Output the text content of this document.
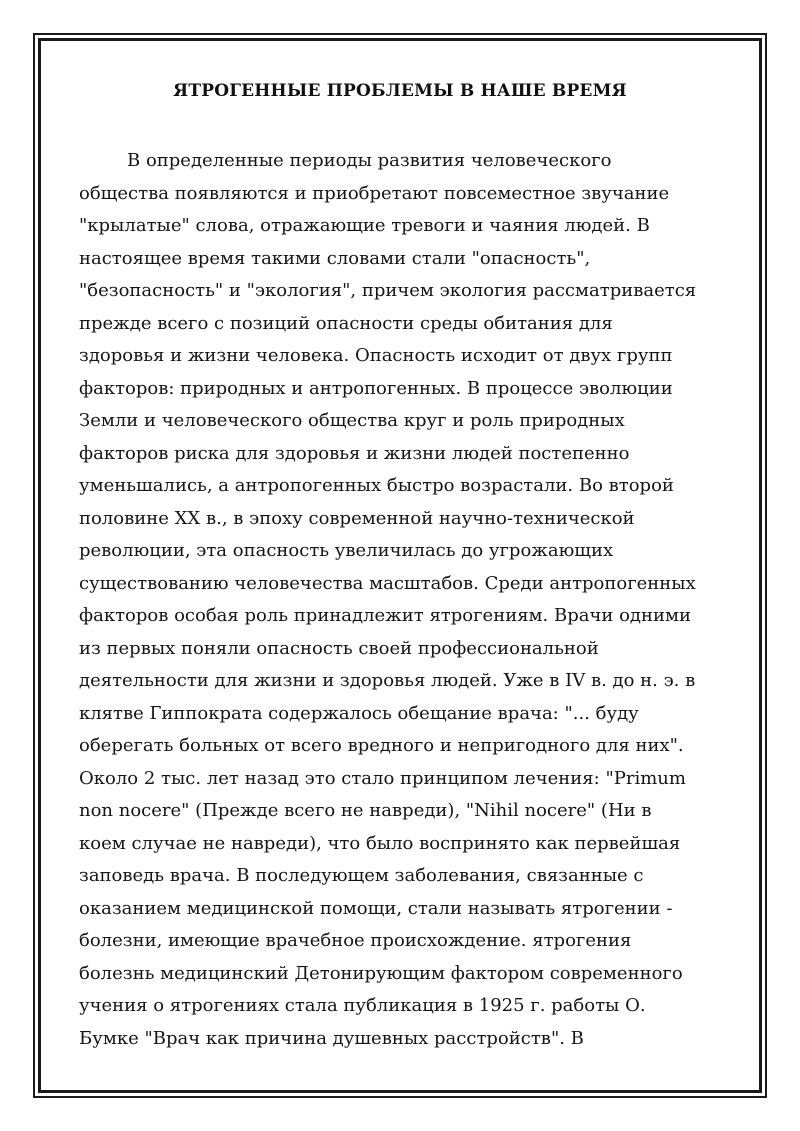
ЯТРОГЕННЫЕ ПРОБЛЕМЫ В НАШЕ ВРЕМЯ
В определенные периоды развития человеческого
общества появляются и приобретают повсеместное звучание
"крылатые" слова, отражающие тревоги и чаяния людей. В
настоящее время такими словами стали "опасность",
"безопасность" и "экология", причем экология рассматривается
прежде всего с позиций опасности среды обитания для
здоровья и жизни человека. Опасность исходит от двух групп
факторов: природных и антропогенных. В процессе эволюции
Земли и человеческого общества круг и роль природных
факторов риска для здоровья и жизни людей постепенно
уменьшались, а антропогенных быстро возрастали. Во второй
половине XX в., в эпоху современной научно-технической
революции, эта опасность увеличилась до угрожающих
существованию человечества масштабов. Среди антропогенных
факторов особая роль принадлежит ятрогениям. Врачи одними
из первых поняли опасность своей профессиональной
деятельности для жизни и здоровья людей. Уже в IV в. до н. э. в
клятве Гиппократа содержалось обещание врача: "... буду
оберегать больных от всего вредного и непригодного для них".
Около 2 тыс. лет назад это стало принципом лечения: "Primum
non nocere" (Прежде всего не навреди), "Nihil nocere" (Ни в
коем случае не навреди), что было воспринято как первейшая
заповедь врача. В последующем заболевания, связанные с
оказанием медицинской помощи, стали называть ятрогении -
болезни, имеющие врачебное происхождение. ятрогения
болезнь медицинский Детонирующим фактором современного
учения о ятрогениях стала публикация в 1925 г. работы О.
Бумке "Врач как причина душевных расстройств". В
